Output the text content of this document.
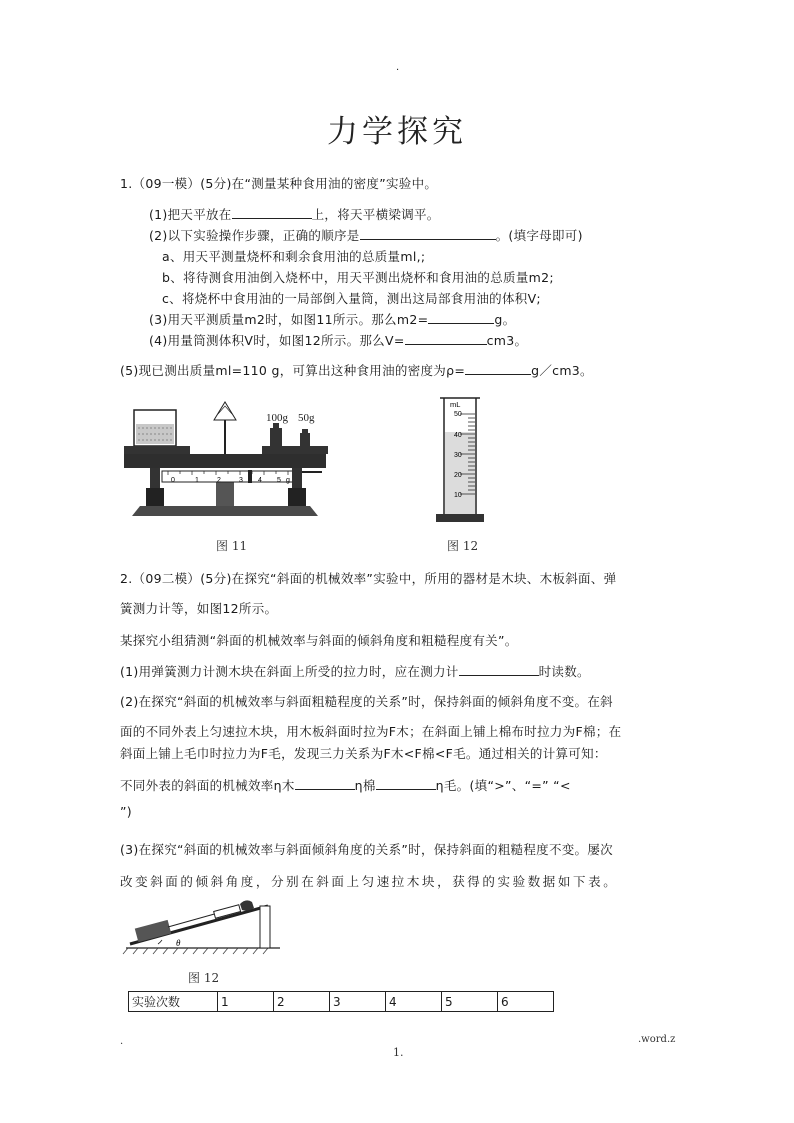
.
力学探究
1.（09一模）(5分)在“测量某种食用油的密度”实验中。
(1)把天平放在	上，将天平横梁调平。
(2)以下实验操作步骤，正确的顺序是	。(填字母即可)
a、用天平测量烧杯和剩余食用油的总质量ml,;
b、将待测食用油倒入烧杯中，用天平测出烧杯和食用油的总质量m2;
c、将烧杯中食用油的一局部倒入量筒，测出这局部食用油的体积V;
(3)用天平测质量m2时，如图11所示。那么m2=	g。
(4)用量筒测体积V时，如图12所示。那么V=	cm3。
(5)现已测出质量ml=110 g，可算出这种食用油的密度为ρ=	g／cm3。
100g 50g
0	1	2	3 4 5 g
图 11
mL
50
40
30
20
10
图 12
2.（09二模）(5分)在探究“斜面的机械效率”实验中，所用的器材是木块、木板斜面、弹
簧测力计等，如图12所示。
某探究小组猜测“斜面的机械效率与斜面的倾斜角度和粗糙程度有关”。
(1)用弹簧测力计测木块在斜面上所受的拉力时，应在测力计	时读数。
(2)在探究“斜面的机械效率与斜面粗糙程度的关系”时，保持斜面的倾斜角度不变。在斜
面的不同外表上匀速拉木块，用木板斜面时拉为F木；在斜面上铺上棉布时拉力为F棉；在
斜面上铺上毛巾时拉力为F毛，发现三力关系为F木<F棉<F毛。通过相关的计算可知：
不同外表的斜面的机械效率η木	η棉	η毛。(填“>”、“=” “<
”)
(3)在探究“斜面的机械效率与斜面倾斜角度的关系”时，保持斜面的粗糙程度不变。屡次
改变斜面的倾斜角度，分别在斜面上匀速拉木块，获得的实验数据如下表。
θ
图 12
实验次数	1	2	3	4	5	6
.	.word.z
1.
